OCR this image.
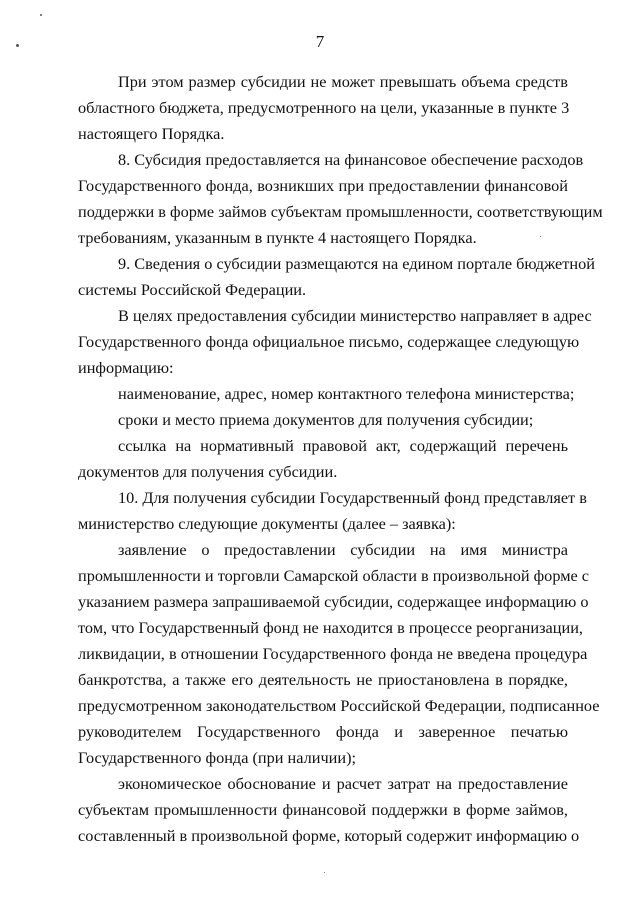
7
При этом размер субсидии не может превышать объема средств
областного бюджета, предусмотренного на цели, указанные в пункте 3
настоящего Порядка.
8. Субсидия предоставляется на финансовое обеспечение расходов
Государственного фонда, возникших при предоставлении финансовой
поддержки в форме займов субъектам промышленности, соответствующим
требованиям, указанным в пункте 4 настоящего Порядка.
9. Сведения о субсидии размещаются на едином портале бюджетной
системы Российской Федерации.
В целях предоставления субсидии министерство направляет в адрес
Государственного фонда официальное письмо, содержащее следующую
информацию:
наименование, адрес, номер контактного телефона министерства;
сроки и место приема документов для получения субсидии;
ссылка на нормативный правовой акт, содержащий перечень
документов для получения субсидии.
10. Для получения субсидии Государственный фонд представляет в
министерство следующие документы (далее – заявка):
заявление о предоставлении субсидии на имя министра
промышленности и торговли Самарской области в произвольной форме с
указанием размера запрашиваемой субсидии, содержащее информацию о
том, что Государственный фонд не находится в процессе реорганизации,
ликвидации, в отношении Государственного фонда не введена процедура
банкротства, а также его деятельность не приостановлена в порядке,
предусмотренном законодательством Российской Федерации, подписанное
руководителем Государственного фонда и заверенное печатью
Государственного фонда (при наличии);
экономическое обоснование и расчет затрат на предоставление
субъектам промышленности финансовой поддержки в форме займов,
составленный в произвольной форме, который содержит информацию о
